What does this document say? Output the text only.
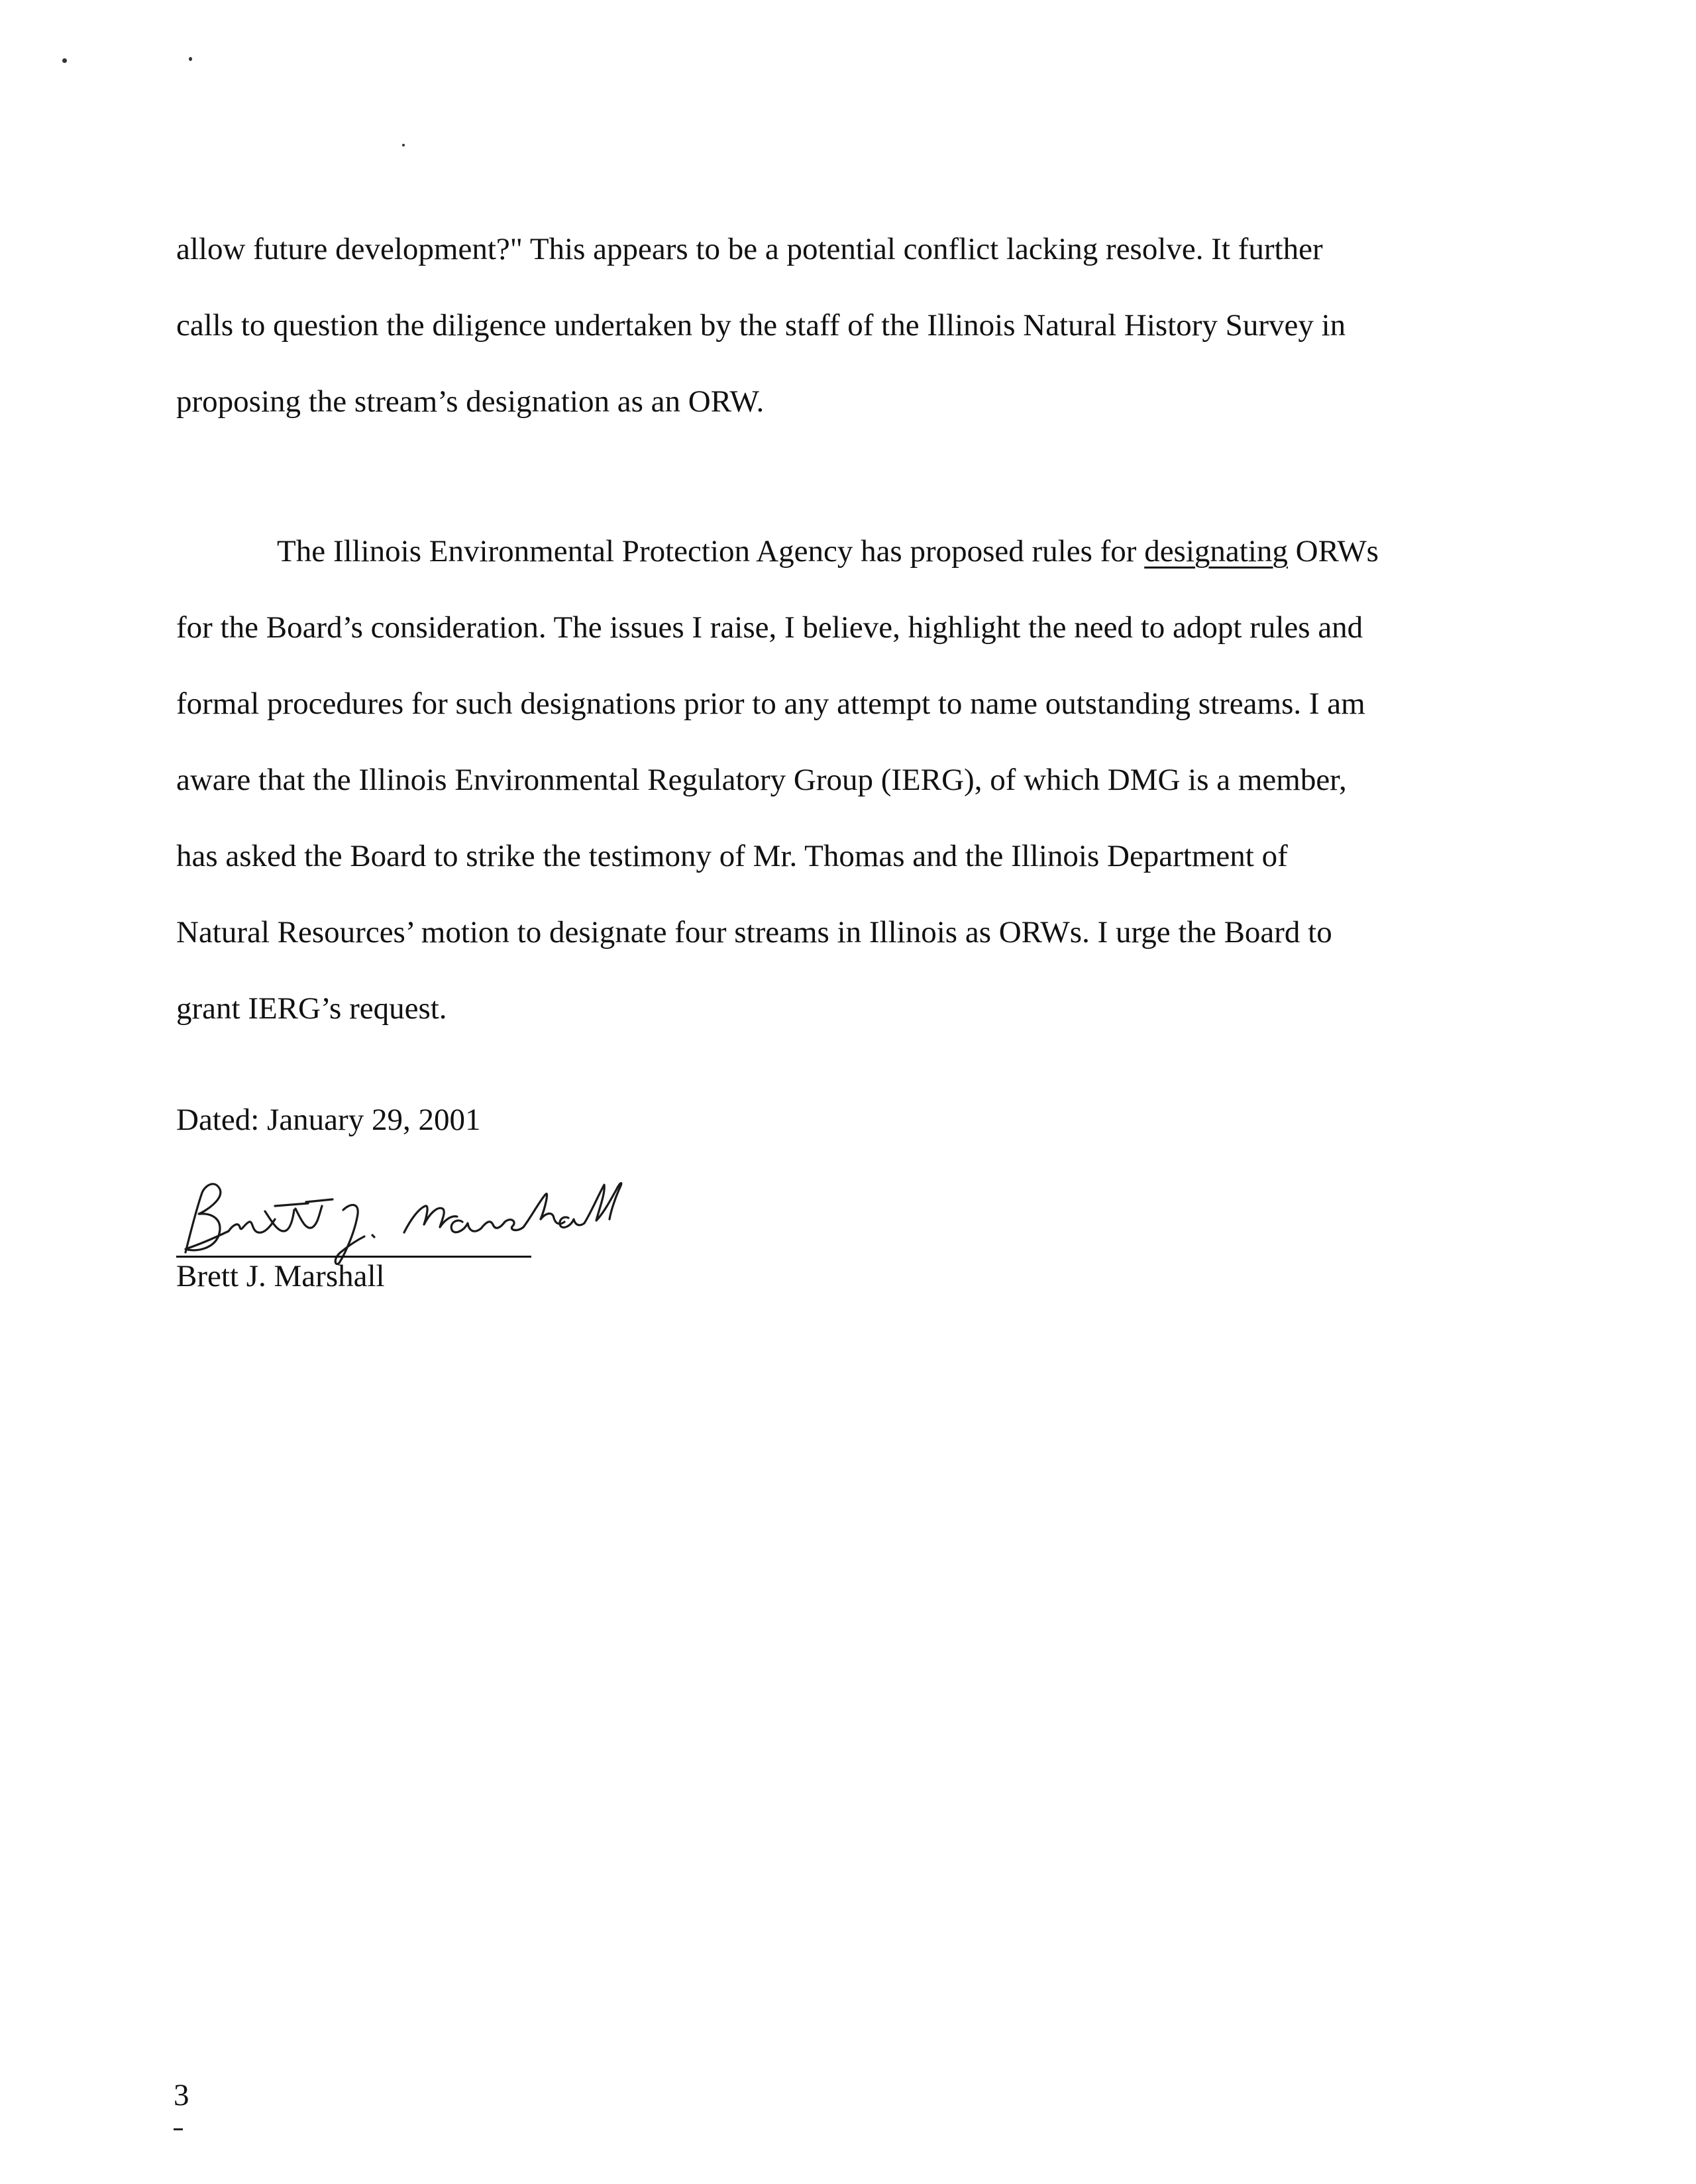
allow future development?" This appears to be a potential conflict lacking resolve. It further
calls to question the diligence undertaken by the staff of the Illinois Natural History Survey in
proposing the stream’s designation as an ORW.
The Illinois Environmental Protection Agency has proposed rules for designating ORWs
for the Board’s consideration. The issues I raise, I believe, highlight the need to adopt rules and
formal procedures for such designations prior to any attempt to name outstanding streams. I am
aware that the Illinois Environmental Regulatory Group (IERG), of which DMG is a member,
has asked the Board to strike the testimony of Mr. Thomas and the Illinois Department of
Natural Resources’ motion to designate four streams in Illinois as ORWs. I urge the Board to
grant IERG’s request.
Dated: January 29, 2001
Brett J. Marshall
3
